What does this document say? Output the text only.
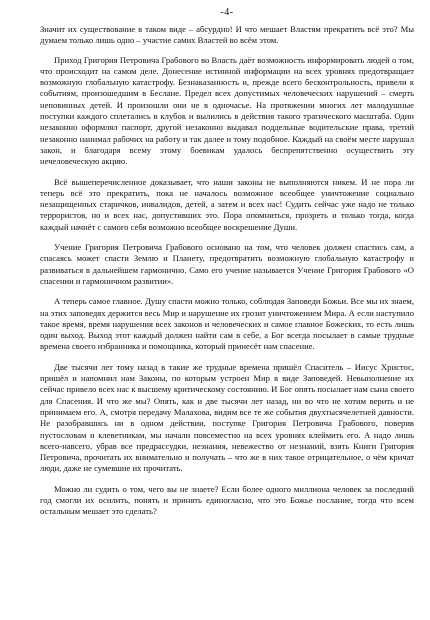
-4-

Значит их существование в таком виде – абсурдно! И что мешает Властям прекратить всё это? Мы думаем только лишь одно – участие самих Властей во всём этом.

Приход Григория Петровича Грабового во Власть даёт возможность информировать людей о том, что происходит на самом деле. Донесение истинной информации на всех уровнях предотвращает возможную глобальную катастрофу. Безнаказанность и, прежде всего бесконтрольность, привели к событиям, произошедшим в Беслане. Предел всех допустимых человеческих нарушений – смерть неповинных детей. И произошли они не в одночасье. На протяжении многих лет малодушные поступки каждого сплетались в клубок и вылились в действия такого трагического масштаба. Один незаконно оформлял паспорт, другой незаконно выдавал поддельные водительские права, третий незаконно нанимал рабочих на работу и так далее и тому подобное. Каждый на своём месте нарушал закон, и благодаря всему этому боевикам удалось беспрепятственно осуществить эту нечеловеческую акцию.

Всё вышеперечисленное доказывает, что наши законы не выполняются никем. И не пора ли теперь всё это прекратить, пока не началось возможное всеобщее уничтожение социально незащищенных старичков, инвалидов, детей, а затем и всех нас! Судить сейчас уже надо не только террористов, но и всех нас, допустивших это. Пора опомниться, прозреть и только тогда, когда каждый начнёт с самого себя возможно всеобщее воскрешение Души.

Учение Григория Петровича Грабового основано на том, что человек должен спастись сам, а спасаясь может спасти Землю и Планету, предотвратить возможную глобальную катастрофу и развиваться в дальнейшем гармонично. Само его учение называется Учение Григория Грабового «О спасении и гармоничном развитии».

А теперь самое главное. Душу спасти можно только, соблюдая Заповеди Божьи. Все мы их знаем, на этих заповедях держится весь Мир и нарушение их грозит уничтожением Мира. А если наступило такое время, время нарушения всех законов и человеческих и самое главное Божеских, то есть лишь один выход. Выход этот каждый должен найти сам в себе, а Бог всегда посылает в самые трудные времена своего избранника и помощника, который принесёт нам спасение.

Две тысячи лет тому назад в такие же трудные времена пришёл Спаситель – Иисус Христос, пришёл и напомнил нам Законы, по которым устроен Мир в виде Заповедей. Невыполнение их сейчас привело всех нас к высшему критическому состоянию. И Бог опять посылает нам сына своего для Спасения. И что же мы? Опять, как и две тысячи лет назад, ни во что не хотим верить и не принимаем его. А, смотря передачу Малахова, видим все те же события двухтысячелетней давности. Не разобравшись ни в одном действии, поступке Григория Петровича Грабового, поверив пустословам и клеветникам, мы начали повсеместно на всех уровнях клеймить его. А надо лишь всего-навсего, убрав все предрассудки, незнания, невежество от незнаний, взять Книги Григория Петровича, прочитать их внимательно и получать – что же в них такое отрицательное, о чём кричат люди, даже не сумевшие их прочитать.

Можно ли судить о том, чего вы не знаете? Если более одного миллиона человек за последний год смогли их осилить, понять и принять единогласно, что это Божье послание, тогда что всем остальным мешает это сделать?
